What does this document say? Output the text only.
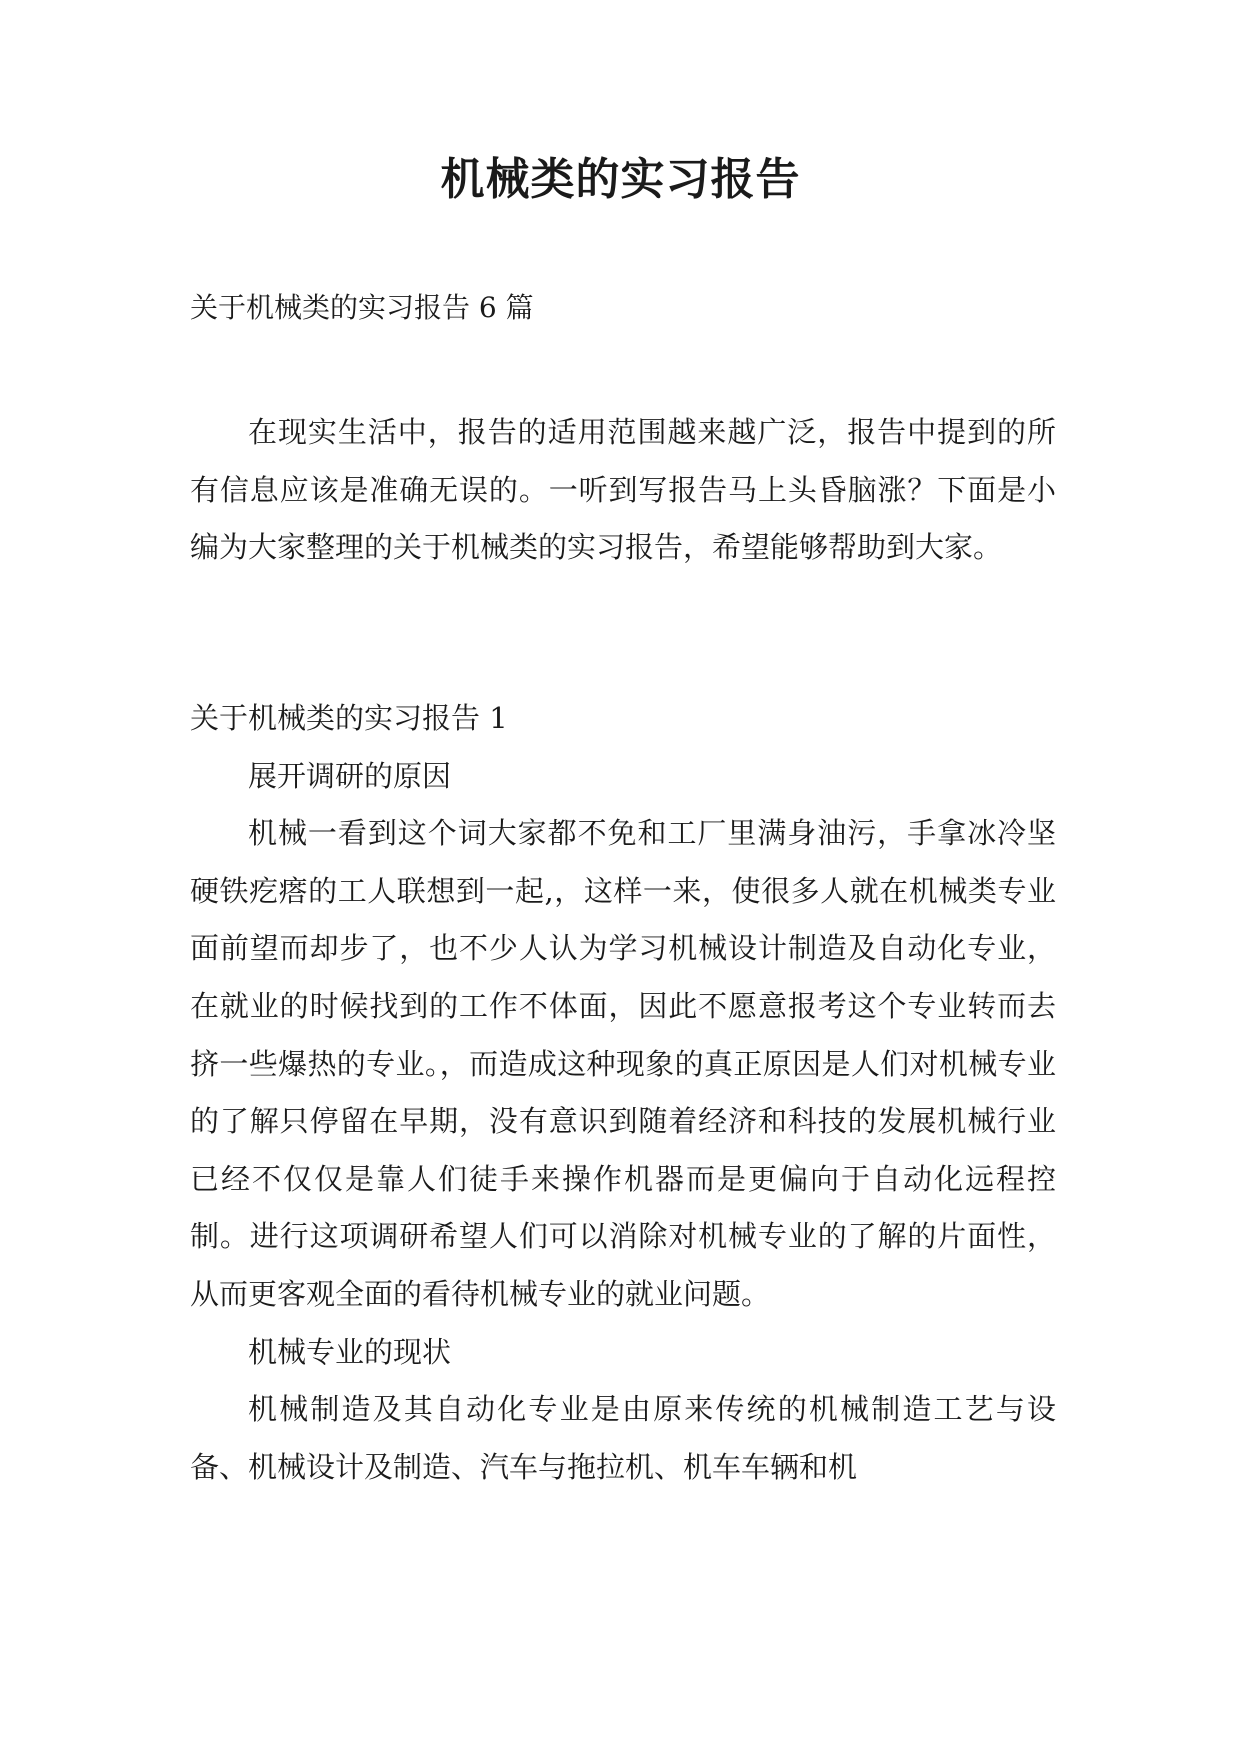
机械类的实习报告
关于机械类的实习报告 6 篇

在现实生活中，报告的适用范围越来越广泛，报告中提到的所有信息应该是准确无误的。一听到写报告马上头昏脑涨？下面是小编为大家整理的关于机械类的实习报告，希望能够帮助到大家。

关于机械类的实习报告 1

展开调研的原因

机械一看到这个词大家都不免和工厂里满身油污，手拿冰冷坚硬铁疙瘩的工人联想到一起,，这样一来，使很多人就在机械类专业面前望而却步了，也不少人认为学习机械设计制造及自动化专业，在就业的时候找到的工作不体面，因此不愿意报考这个专业转而去挤一些爆热的专业。，而造成这种现象的真正原因是人们对机械专业的了解只停留在早期，没有意识到随着经济和科技的发展机械行业已经不仅仅是靠人们徒手来操作机器而是更偏向于自动化远程控制。进行这项调研希望人们可以消除对机械专业的了解的片面性，从而更客观全面的看待机械专业的就业问题。

机械专业的现状

机械制造及其自动化专业是由原来传统的机械制造工艺与设备、机械设计及制造、汽车与拖拉机、机车车辆和机
